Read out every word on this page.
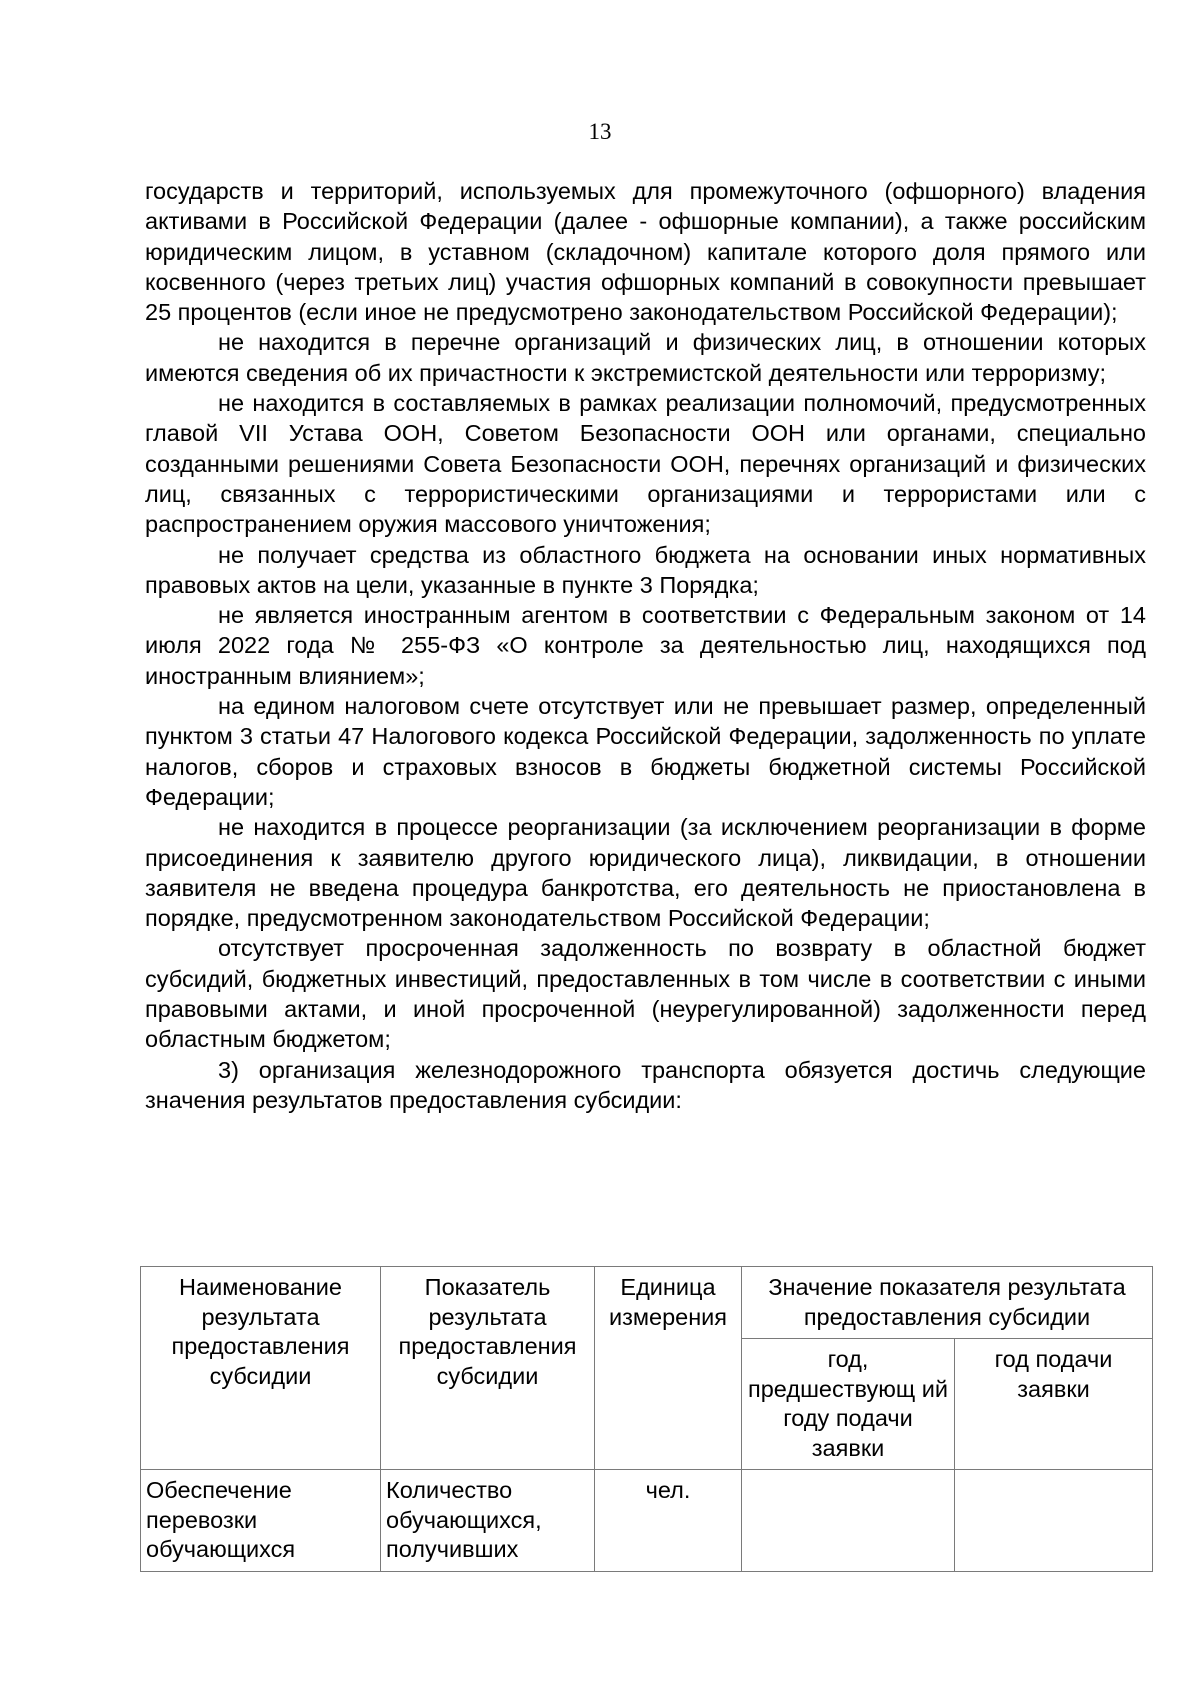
13

государств и территорий, используемых для промежуточного (офшорного) владения активами в Российской Федерации (далее - офшорные компании), а также российским юридическим лицом, в уставном (складочном) капитале которого доля прямого или косвенного (через третьих лиц) участия офшорных компаний в совокупности превышает 25 процентов (если иное не предусмотрено законодательством Российской Федерации);

не находится в перечне организаций и физических лиц, в отношении которых имеются сведения об их причастности к экстремистской деятельности или терроризму;

не находится в составляемых в рамках реализации полномочий, предусмотренных главой VII Устава ООН, Советом Безопасности ООН или органами, специально созданными решениями Совета Безопасности ООН, перечнях организаций и физических лиц, связанных с террористическими организациями и террористами или с распространением оружия массового уничтожения;

не получает средства из областного бюджета на основании иных нормативных правовых актов на цели, указанные в пункте 3 Порядка;

не является иностранным агентом в соответствии с Федеральным законом от 14 июля 2022 года № 255-ФЗ «О контроле за деятельностью лиц, находящихся под иностранным влиянием»;

на едином налоговом счете отсутствует или не превышает размер, определенный пунктом 3 статьи 47 Налогового кодекса Российской Федерации, задолженность по уплате налогов, сборов и страховых взносов в бюджеты бюджетной системы Российской Федерации;

не находится в процессе реорганизации (за исключением реорганизации в форме присоединения к заявителю другого юридического лица), ликвидации, в отношении заявителя не введена процедура банкротства, его деятельность не приостановлена в порядке, предусмотренном законодательством Российской Федерации;

отсутствует просроченная задолженность по возврату в областной бюджет субсидий, бюджетных инвестиций, предоставленных в том числе в соответствии с иными правовыми актами, и иной просроченной (неурегулированной) задолженности перед областным бюджетом;

3) организация железнодорожного транспорта обязуется достичь следующие значения результатов предоставления субсидии:

Наименование результата предоставления субсидии	Показатель результата предоставления субсидии	Единица измерения	Значение показателя результата предоставления субсидии	
			год, предшествующ ий году подачи заявки	год подачи заявки
Обеспечение перевозки обучающихся	Количество обучающихся, получивших	чел.		
